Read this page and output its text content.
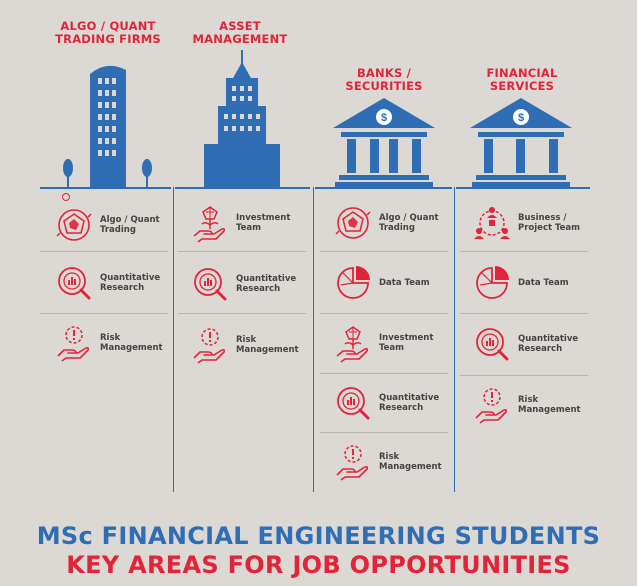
ALGO / QUANT
TRADING FIRMS
ASSET
MANAGEMENT
BANKS /
SECURITIES
FINANCIAL
SERVICES
$	$
Algo / Quant Trading
Quantitative Research
Risk Management
Investment Team
Quantitative Research
Risk Management
Algo / Quant Trading
Data Team
Investment Team
Quantitative Research
Risk Management
Business / Project Team
Data Team
Quantitative Research
Risk Management
MSc FINANCIAL ENGINEERING STUDENTS
KEY AREAS FOR JOB OPPORTUNITIES
